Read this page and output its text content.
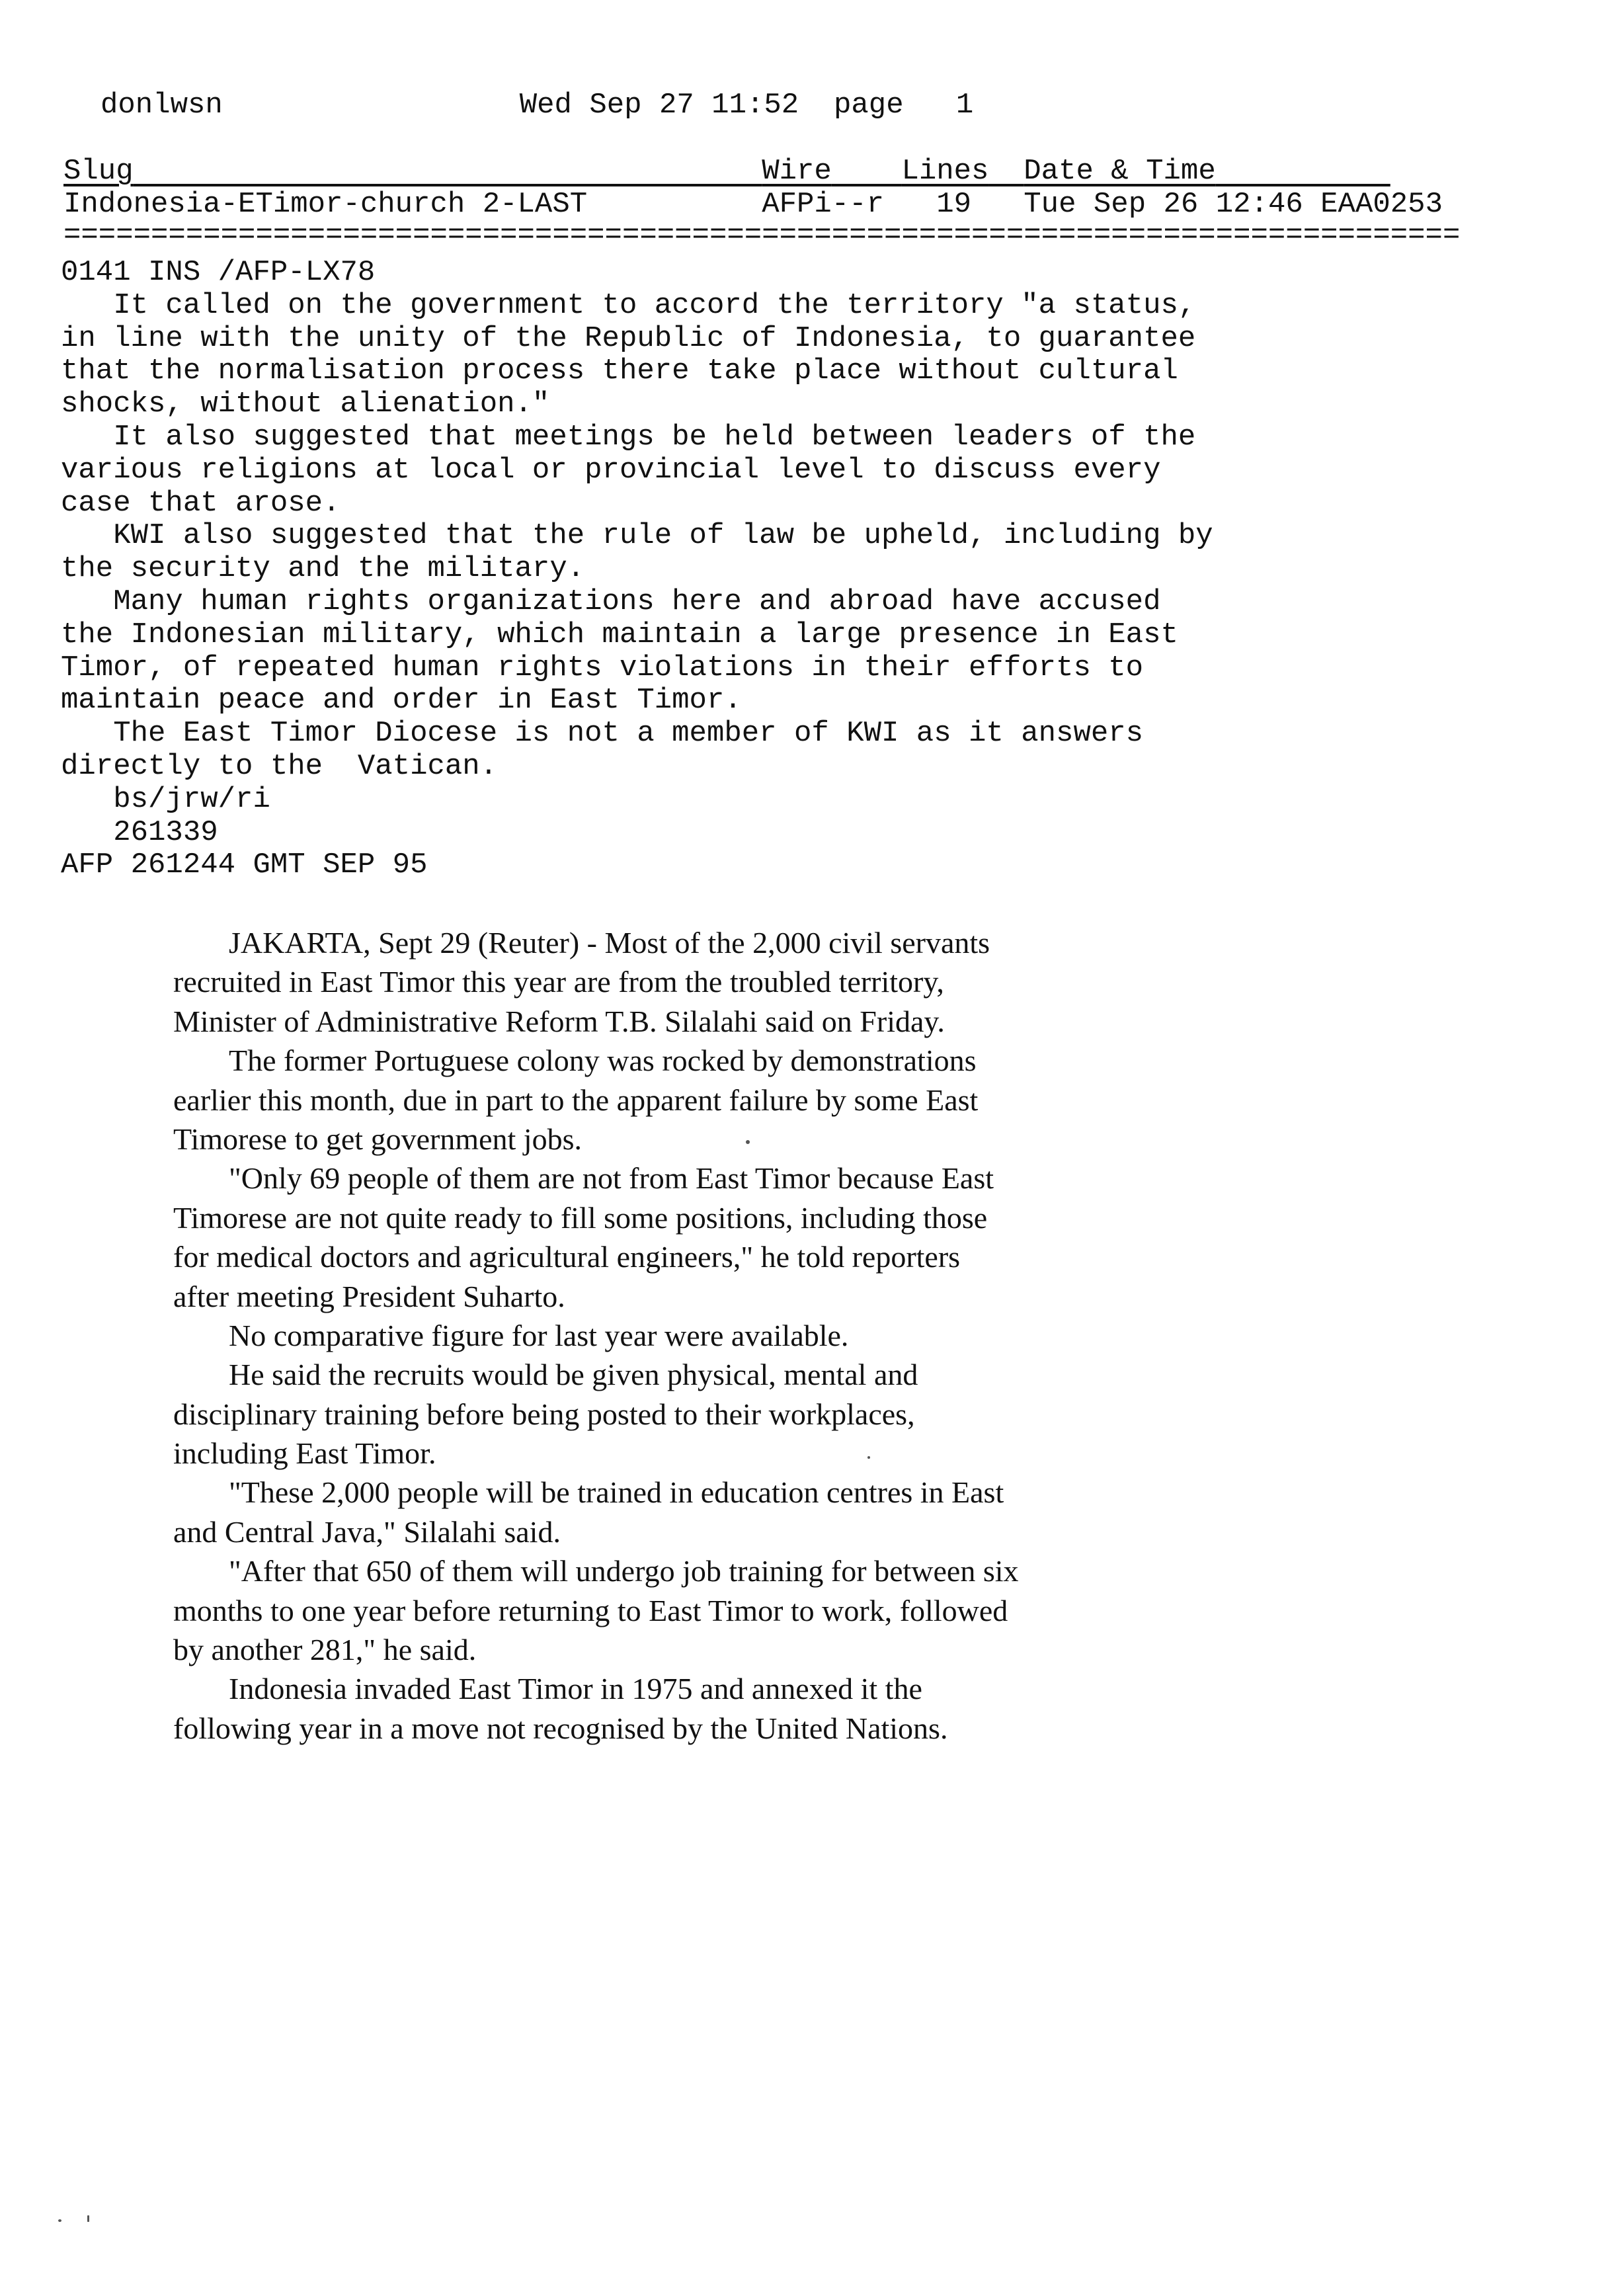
donlwsn	Wed Sep 27 11:52 page 1
Slug	Wire Lines Date & Time
Indonesia-ETimor-church 2-LAST	AFPi--r 19 Tue Sep 26 12:46 EAA0253
================================================================================
0141 INS /AFP-LX78
It called on the government to accord the territory "a status,
in line with the unity of the Republic of Indonesia, to guarantee
that the normalisation process there take place without cultural
shocks, without alienation."
It also suggested that meetings be held between leaders of the
various religions at local or provincial level to discuss every
case that arose.
KWI also suggested that the rule of law be upheld, including by
the security and the military.
Many human rights organizations here and abroad have accused
the Indonesian military, which maintain a large presence in East
Timor, of repeated human rights violations in their efforts to
maintain peace and order in East Timor.
The East Timor Diocese is not a member of KWI as it answers
directly to the  Vatican.
bs/jrw/ri
261339
AFP 261244 GMT SEP 95
JAKARTA, Sept 29 (Reuter) - Most of the 2,000 civil servants
recruited in East Timor this year are from the troubled territory,
Minister of Administrative Reform T.B. Silalahi said on Friday.
The former Portuguese colony was rocked by demonstrations
earlier this month, due in part to the apparent failure by some East
Timorese to get government jobs.
"Only 69 people of them are not from East Timor because East
Timorese are not quite ready to fill some positions, including those
for medical doctors and agricultural engineers," he told reporters
after meeting President Suharto.
No comparative figure for last year were available.
He said the recruits would be given physical, mental and
disciplinary training before being posted to their workplaces,
including East Timor.
"These 2,000 people will be trained in education centres in East
and Central Java," Silalahi said.
"After that 650 of them will undergo job training for between six
months to one year before returning to East Timor to work, followed
by another 281," he said.
Indonesia invaded East Timor in 1975 and annexed it the
following year in a move not recognised by the United Nations.
